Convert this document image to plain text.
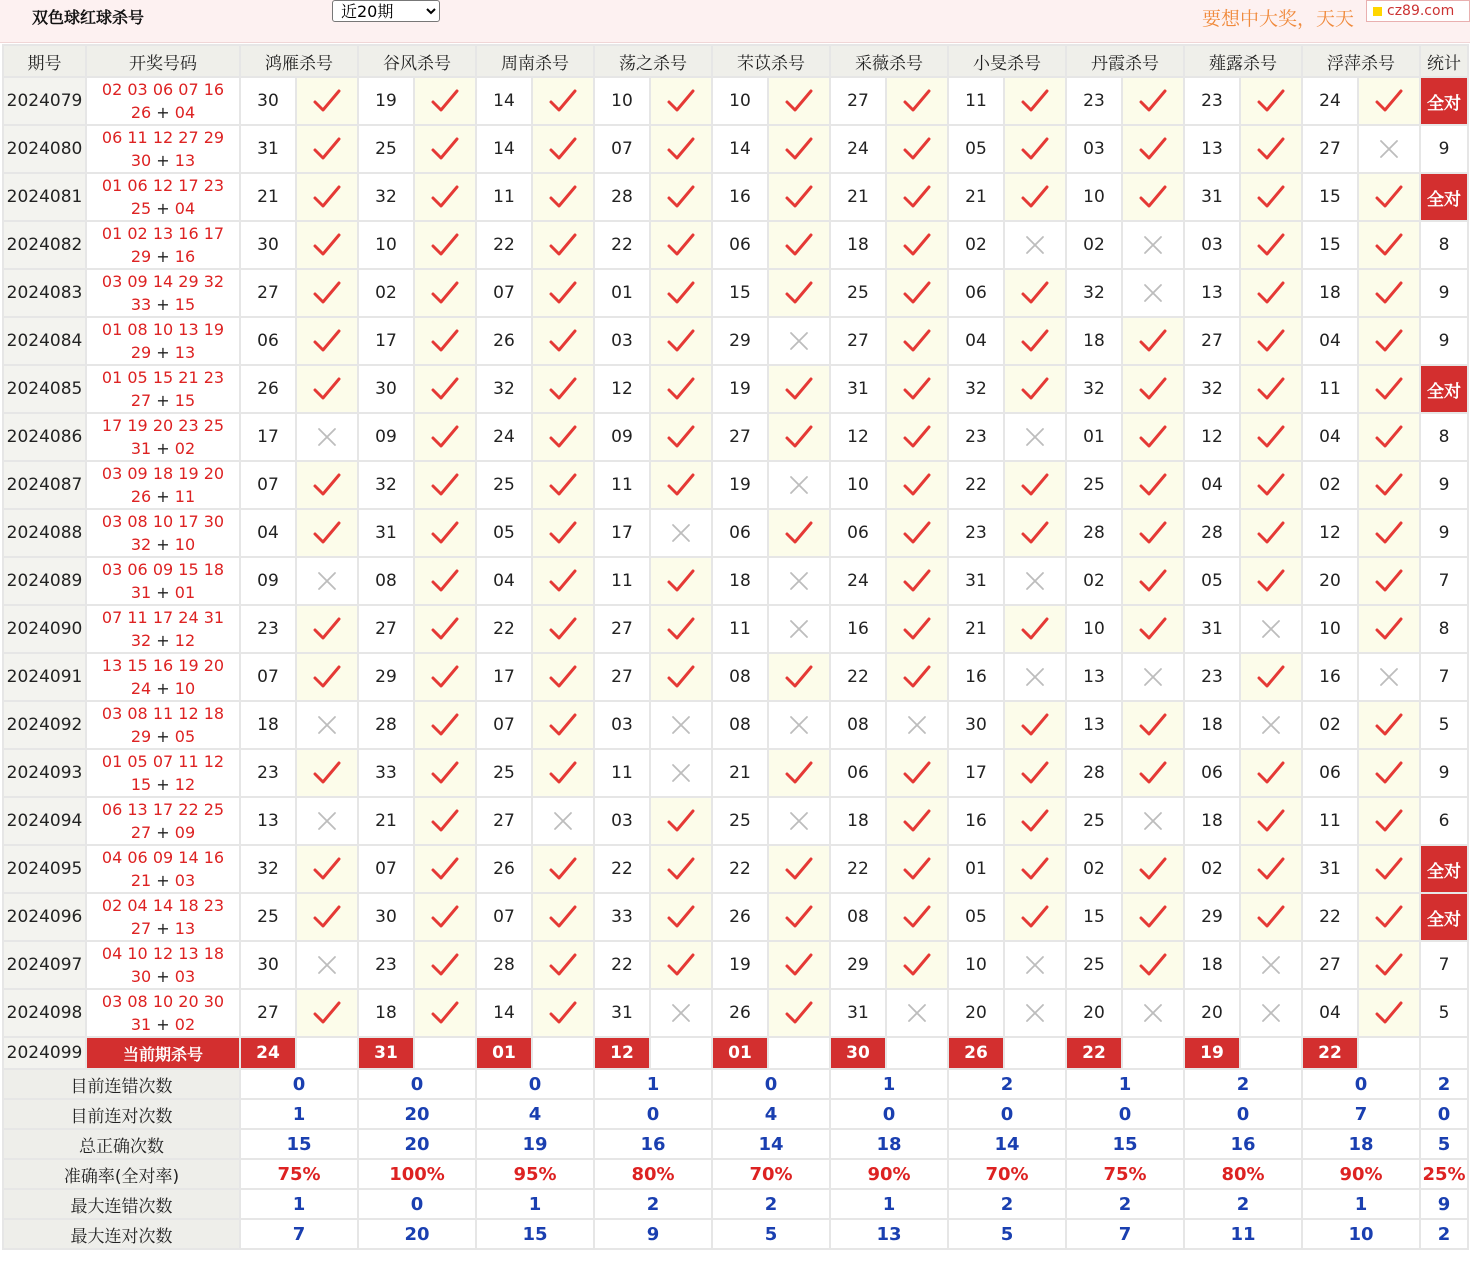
双色球红球杀号
近20期	要想中大奖，天天	cz89.com
期号	开奖号码	鸿雁杀号		谷风杀号		周南杀号		荡之杀号		芣苡杀号		采薇杀号		小旻杀号		丹霞杀号		薤露杀号		浮萍杀号		统计
2024079	02 03 06 07 16
26 + 04	30		19		14		10		10		27		11		23		23		24		全对
2024080	06 11 12 27 29
30 + 13	31		25		14		07		14		24		05		03		13		27		9
2024081	01 06 12 17 23
25 + 04	21		32		11		28		16		21		21		10		31		15		全对
2024082	01 02 13 16 17
29 + 16	30		10		22		22		06		18		02		02		03		15		8
2024083	03 09 14 29 32
33 + 15	27		02		07		01		15		25		06		32		13		18		9
2024084	01 08 10 13 19
29 + 13	06		17		26		03		29		27		04		18		27		04		9
2024085	01 05 15 21 23
27 + 15	26		30		32		12		19		31		32		32		32		11		全对
2024086	17 19 20 23 25
31 + 02	17		09		24		09		27		12		23		01		12		04		8
2024087	03 09 18 19 20
26 + 11	07		32		25		11		19		10		22		25		04		02		9
2024088	03 08 10 17 30
32 + 10	04		31		05		17		06		06		23		28		28		12		9
2024089	03 06 09 15 18
31 + 01	09		08		04		11		18		24		31		02		05		20		7
2024090	07 11 17 24 31
32 + 12	23		27		22		27		11		16		21		10		31		10		8
2024091	13 15 16 19 20
24 + 10	07		29		17		27		08		22		16		13		23		16		7
2024092	03 08 11 12 18
29 + 05	18		28		07		03		08		08		30		13		18		02		5
2024093	01 05 07 11 12
15 + 12	23		33		25		11		21		06		17		28		06		06		9
2024094	06 13 17 22 25
27 + 09	13		21		27		03		25		18		16		25		18		11		6
2024095	04 06 09 14 16
21 + 03	32		07		26		22		22		22		01		02		02		31		全对
2024096	02 04 14 18 23
27 + 13	25		30		07		33		26		08		05		15		29		22		全对
2024097	04 10 12 13 18
30 + 03	30		23		28		22		19		29		10		25		18		27		7
2024098	03 08 10 20 30
31 + 02	27		18		14		31		26		31		20		20		20		04		5
2024099	当前期杀号	24		31		01		12		01		30		26		22		19		22		
目前连错次数		0		0		0		1		0		1		2		1		2		0		2
目前连对次数		1		20		4		0		4		0		0		0		0		7		0
总正确次数		15		20		19		16		14		18		14		15		16		18		5
准确率(全对率)		75%		100%		95%		80%		70%		90%		70%		75%		80%		90%		25%
最大连错次数		1		0		1		2		2		1		2		2		2		1		9
最大连对次数		7		20		15		9		5		13		5		7		11		10		2
